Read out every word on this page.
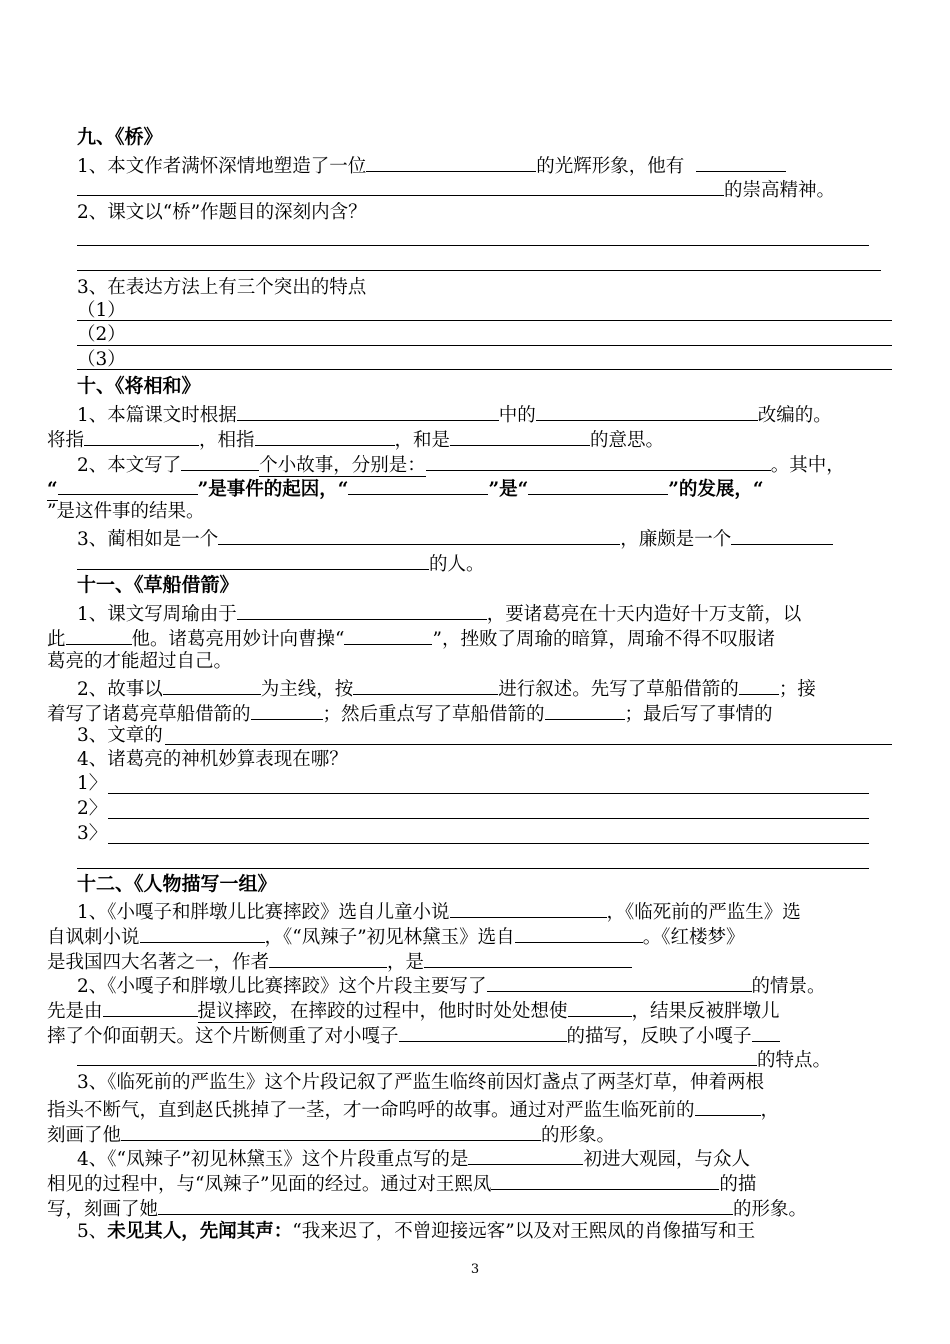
九、《桥》
1、本文作者满怀深情地塑造了一位	的光辉形象，他有
的崇高精神。
2、课文以“桥”作题目的深刻内含？
3、在表达方法上有三个突出的特点
（1）
（2）
（3）
十、《将相和》
1、本篇课文时根据	中的	改编的。
将指	，相指	，和是	的意思。
2、本文写了	个小故事，分别是：	。其中，
“	”是事件的起因，“	”是“	”的发展，“
”是这件事的结果。
3、蔺相如是一个	，廉颇是一个
的人。
十一、《草船借箭》
1、课文写周瑜由于	，要诸葛亮在十天内造好十万支箭，以
此	他。诸葛亮用妙计向曹操“	”，挫败了周瑜的暗算，周瑜不得不叹服诸
葛亮的才能超过自己。
2、故事以	为主线，按	进行叙述。先写了草船借箭的 ；接
着写了诸葛亮草船借箭的	；然后重点写了草船借箭的	；最后写了事情的
3、文章的
4、诸葛亮的神机妙算表现在哪？
1〉
2〉
3〉
十二、《人物描写一组》
1、《小嘎子和胖墩儿比赛摔跤》选自儿童小说	，《临死前的严监生》选
自讽刺小说	，《“凤辣子”初见林黛玉》选自	。《红楼梦》
是我国四大名著之一，作者	，是
2、《小嘎子和胖墩儿比赛摔跤》这个片段主要写了	的情景。
先是由	提议摔跤，在摔跤的过程中，他时时处处想使	，结果反被胖墩儿
摔了个仰面朝天。这个片断侧重了对小嘎子	的描写，反映了小嘎子
的特点。
3、《临死前的严监生》这个片段记叙了严监生临终前因灯盏点了两茎灯草，伸着两根
指头不断气，直到赵氏挑掉了一茎，才一命呜呼的故事。通过对严监生临死前的	，
刻画了他	的形象。
4、《“凤辣子”初见林黛玉》这个片段重点写的是	初进大观园，与众人
相见的过程中，与“凤辣子”见面的经过。通过对王熙凤	的描
写，刻画了她	的形象。
5、未见其人，先闻其声：“我来迟了，不曾迎接远客”以及对王熙凤的肖像描写和王
3
